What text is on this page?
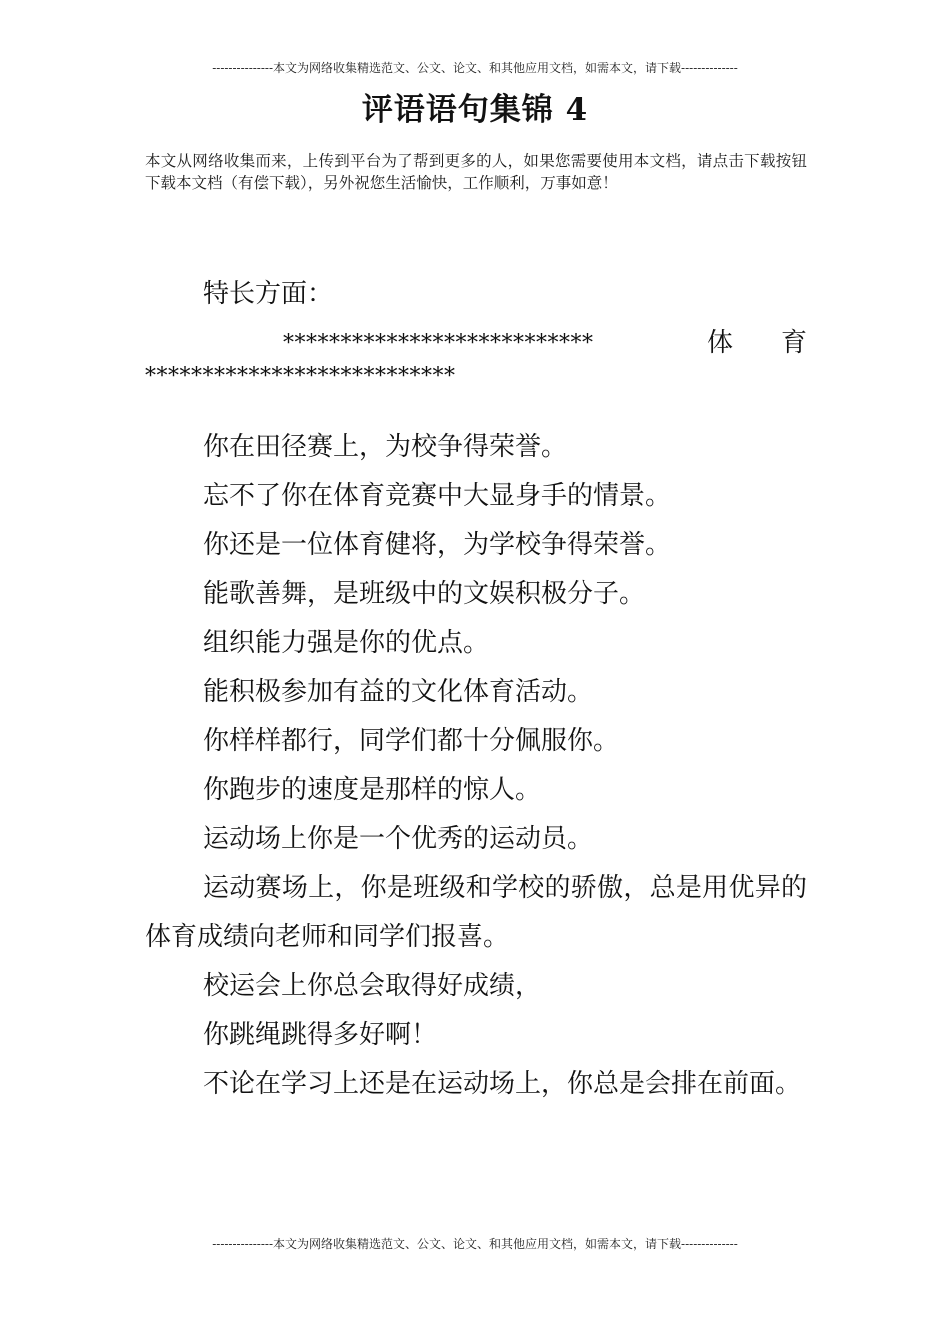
---------------本文为网络收集精选范文、公文、论文、和其他应用文档，如需本文，请下载--------------
评语语句集锦 4
本文从网络收集而来，上传到平台为了帮到更多的人，如果您需要使用本文档，请点击下载按钮下载本文档（有偿下载），另外祝您生活愉快，工作顺利，万事如意！

特长方面：

***************************	体 育
***************************

你在田径赛上，为校争得荣誉。

忘不了你在体育竞赛中大显身手的情景。

你还是一位体育健将，为学校争得荣誉。

能歌善舞，是班级中的文娱积极分子。

组织能力强是你的优点。

能积极参加有益的文化体育活动。

你样样都行，同学们都十分佩服你。

你跑步的速度是那样的惊人。

运动场上你是一个优秀的运动员。

运动赛场上，你是班级和学校的骄傲，总是用优异的体育成绩向老师和同学们报喜。

校运会上你总会取得好成绩，

你跳绳跳得多好啊！

不论在学习上还是在运动场上，你总是会排在前面。

---------------本文为网络收集精选范文、公文、论文、和其他应用文档，如需本文，请下载--------------
